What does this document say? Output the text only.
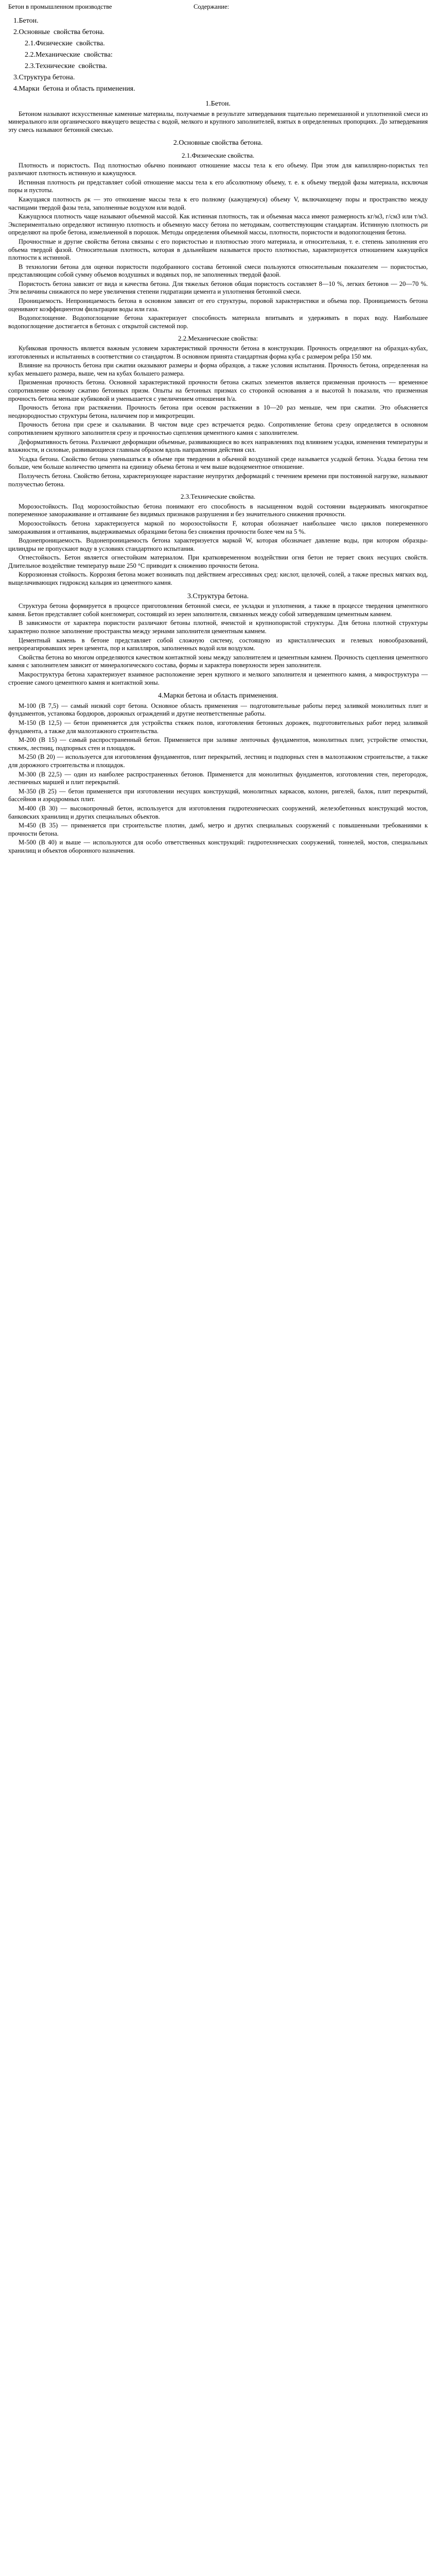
Бетон в промышленном производстве	Содержание:
1.Бетон.
2.Основные  свойства бетона.
2.1.Физические  свойства.
2.2.Механические  свойства:
2.3.Технические  свойства.
3.Структура бетона.
4.Марки  бетона и область применения.
1.Бетон.

Бетоном называют искусственные каменные материалы, получаемые в результате затвердевания тщательно перемешанной и уплотненной смеси из минерального или органического вяжущего вещества с водой, мелкого и крупного заполнителей, взятых в определенных пропорциях. До затвердевания эту смесь называют бетонной смесью.

2.Основные свойства бетона.
2.1.Физические свойства.

Плотность и пористость. Под плотностью обычно понимают отношение массы тела к его объему. При этом для капиллярно-пористых тел различают плотность истинную и кажущуюся.

Истинная плотность ρи представляет собой отношение массы тела к его абсолютному объему, т. е. к объему твердой фазы материала, исключая поры и пустоты.

Кажущаяся плотность ρк — это отношение массы тела к его полному (кажущемуся) объему V, включающему поры и пространство между частицами твердой фазы тела, заполненные воздухом или водой.

Кажущуюся плотность чаще называют объемной массой. Как истинная плотность, так и объемная масса имеют размерность кг/м3, г/см3 или т/м3. Экспериментально определяют истинную плотность и объемную массу бетона по методикам, соответствующим стандартам. Истинную плотность ρи определяют на пробе бетона, измельченной в порошок. Методы определения объемной массы, плотности, пористости и водопоглощения бетона.

Прочностные и другие свойства бетона связаны с его пористостью и плотностью этого материала, и относительная, т. е. степень заполнения его объема твердой фазой. Относительная плотность, которая в дальнейшем называется просто плотностью, характеризуется отношением кажущейся плотности к истинной.

В технологии бетона для оценки пористости подобранного состава бетонной смеси пользуются относительным показателем — пористостью, представляющим собой сумму объемов воздушных и водяных пор, не заполненных твердой фазой.

Пористость бетона зависит от вида и качества бетона. Для тяжелых бетонов общая пористость составляет 8—10 %, легких бетонов — 20—70 %. Эти величины снижаются по мере увеличения степени гидратации цемента и уплотнения бетонной смеси.

Проницаемость. Непроницаемость бетона в основном зависит от его структуры, поровой характеристики и объема пор. Проницаемость бетона оценивают коэффициентом фильтрации воды или газа.

Водопоглощение. Водопоглощение бетона характеризует способность материала впитывать и удерживать в порах воду. Наибольшее водопоглощение достигается в бетонах с открытой системой пор.

2.2.Механические свойства:

Кубиковая прочность является важным условием характеристикой прочности бетона в конструкции. Прочность определяют на образцах-кубах, изготовленных и испытанных в соответствии со стандартом. В основном принята стандартная форма куба с размером ребра 150 мм.

Влияние на прочность бетона при сжатии оказывают размеры и форма образцов, а также условия испытания. Прочность бетона, определенная на кубах меньшего размера, выше, чем на кубах большего размера.

Призменная прочность бетона. Основной характеристикой прочности бетона сжатых элементов является призменная прочность — временное сопротивление осевому сжатию бетонных призм. Опыты на бетонных призмах со стороной основания a и высотой h показали, что призменная прочность бетона меньше кубиковой и уменьшается с увеличением отношения h/a.

Прочность бетона при растяжении. Прочность бетона при осевом растяжении в 10—20 раз меньше, чем при сжатии. Это объясняется неоднородностью структуры бетона, наличием пор и микротрещин.

Прочность бетона при срезе и скалывании. В чистом виде срез встречается редко. Сопротивление бетона срезу определяется в основном сопротивлением крупного заполнителя срезу и прочностью сцепления цементного камня с заполнителем.

Деформативность бетона. Различают деформации объемные, развивающиеся во всех направлениях под влиянием усадки, изменения температуры и влажности, и силовые, развивающиеся главным образом вдоль направления действия сил.

Усадка бетона. Свойство бетона уменьшаться в объеме при твердении в обычной воздушной среде называется усадкой бетона. Усадка бетона тем больше, чем больше количество цемента на единицу объема бетона и чем выше водоцементное отношение.

Ползучесть бетона. Свойство бетона, характеризующее нарастание неупругих деформаций с течением времени при постоянной нагрузке, называют ползучестью бетона.

2.3.Технические свойства.

Морозостойкость. Под морозостойкостью бетона понимают его способность в насыщенном водой состоянии выдерживать многократное попеременное замораживание и оттаивание без видимых признаков разрушения и без значительного снижения прочности.

Морозостойкость бетона характеризуется маркой по морозостойкости F, которая обозначает наибольшее число циклов попеременного замораживания и оттаивания, выдерживаемых образцами бетона без снижения прочности более чем на 5 %.

Водонепроницаемость. Водонепроницаемость бетона характеризуется маркой W, которая обозначает давление воды, при котором образцы-цилиндры не пропускают воду в условиях стандартного испытания.

Огнестойкость. Бетон является огнестойким материалом. При кратковременном воздействии огня бетон не теряет своих несущих свойств. Длительное воздействие температур выше 250 °C приводит к снижению прочности бетона.

Коррозионная стойкость. Коррозия бетона может возникать под действием агрессивных сред: кислот, щелочей, солей, а также пресных мягких вод, выщелачивающих гидроксид кальция из цементного камня.

3.Структура бетона.

Структура бетона формируется в процессе приготовления бетонной смеси, ее укладки и уплотнения, а также в процессе твердения цементного камня. Бетон представляет собой конгломерат, состоящий из зерен заполнителя, связанных между собой затвердевшим цементным камнем.

В зависимости от характера пористости различают бетоны плотной, ячеистой и крупнопористой структуры. Для бетона плотной структуры характерно полное заполнение пространства между зернами заполнителя цементным камнем.

Цементный камень в бетоне представляет собой сложную систему, состоящую из кристаллических и гелевых новообразований, непрореагировавших зерен цемента, пор и капилляров, заполненных водой или воздухом.

Свойства бетона во многом определяются качеством контактной зоны между заполнителем и цементным камнем. Прочность сцепления цементного камня с заполнителем зависит от минералогического состава, формы и характера поверхности зерен заполнителя.

Макроструктура бетона характеризует взаимное расположение зерен крупного и мелкого заполнителя и цементного камня, а микроструктура — строение самого цементного камня и контактной зоны.

4.Марки бетона и область применения.

М-100 (В 7,5) — самый низкий сорт бетона. Основное область применения — подготовительные работы перед заливкой монолитных плит и фундаментов, установка бордюров, дорожных ограждений и другие неответственные работы.

М-150 (В 12,5) — бетон применяется для устройства стяжек полов, изготовления бетонных дорожек, подготовительных работ перед заливкой фундамента, а также для малоэтажного строительства.

М-200 (В 15) — самый распространенный бетон. Применяется при заливке ленточных фундаментов, монолитных плит, устройстве отмостки, стяжек, лестниц, подпорных стен и площадок.

М-250 (В 20) — используется для изготовления фундаментов, плит перекрытий, лестниц и подпорных стен в малоэтажном строительстве, а также для дорожного строительства и площадок.

М-300 (В 22,5) — один из наиболее распространенных бетонов. Применяется для монолитных фундаментов, изготовления стен, перегородок, лестничных маршей и плит перекрытий.

М-350 (В 25) — бетон применяется при изготовлении несущих конструкций, монолитных каркасов, колонн, ригелей, балок, плит перекрытий, бассейнов и аэродромных плит.

М-400 (В 30) — высокопрочный бетон, используется для изготовления гидротехнических сооружений, железобетонных конструкций мостов, банковских хранилищ и других специальных объектов.

М-450 (В 35) — применяется при строительстве плотин, дамб, метро и других специальных сооружений с повышенными требованиями к прочности бетона.

М-500 (В 40) и выше — используются для особо ответственных конструкций: гидротехнических сооружений, тоннелей, мостов, специальных хранилищ и объектов оборонного назначения.
